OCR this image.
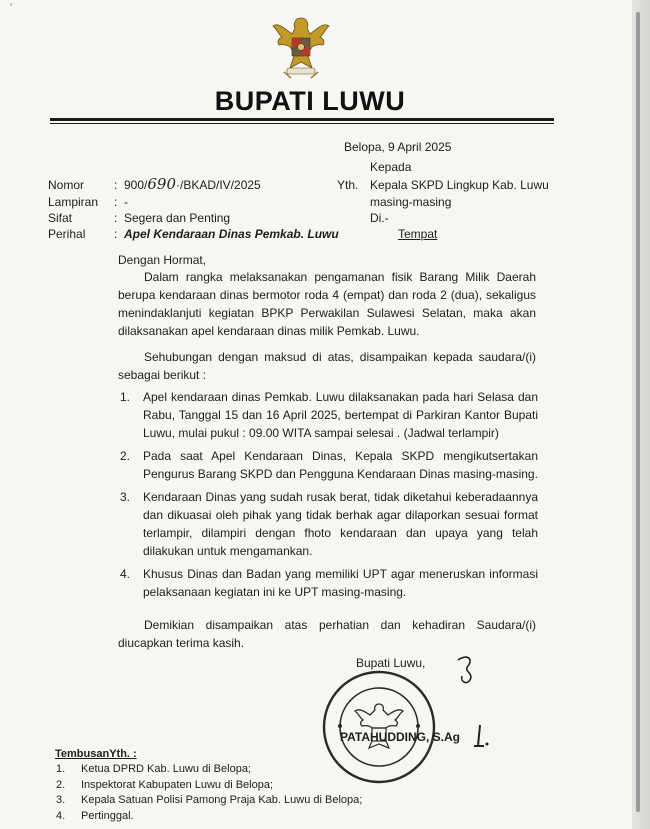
'
BUPATI LUWU
Belopa, 9 April 2025
Kepada
Nomor : 900/690·/BKAD/IV/2025
Lampiran : -
Sifat	: Segera dan Penting
Perihal : Apel Kendaraan Dinas Pemkab. Luwu
Yth. Kepala SKPD Lingkup Kab. Luwu
masing-masing
Di.-
Tempat
Dengan Hormat,
Dalam rangka melaksanakan pengamanan fisik Barang Milik Daerah berupa kendaraan dinas bermotor roda 4 (empat) dan roda 2 (dua), sekaligus menindaklanjuti kegiatan BPKP Perwakilan Sulawesi Selatan, maka akan dilaksanakan apel kendaraan dinas milik Pemkab. Luwu.
Sehubungan dengan maksud di atas, disampaikan kepada saudara/(i) sebagai berikut :
1. Apel kendaraan dinas Pemkab. Luwu dilaksanakan pada hari Selasa dan Rabu, Tanggal 15 dan 16 April 2025, bertempat di Parkiran Kantor Bupati Luwu, mulai pukul : 09.00 WITA sampai selesai . (Jadwal terlampir)
2. Pada saat Apel Kendaraan Dinas, Kepala SKPD mengikutsertakan Pengurus Barang SKPD dan Pengguna Kendaraan Dinas masing-masing.
3. Kendaraan Dinas yang sudah rusak berat, tidak diketahui keberadaannya dan dikuasai oleh pihak yang tidak berhak agar dilaporkan sesuai format terlampir, dilampiri dengan fhoto kendaraan dan upaya yang telah dilakukan untuk mengamankan.
4. Khusus Dinas dan Badan yang memiliki UPT agar meneruskan informasi pelaksanaan kegiatan ini ke UPT masing-masing.
Demikian disampaikan atas perhatian dan kehadiran Saudara/(i) diucapkan terima kasih.
Bupati Luwu,
PATAHUDDING, S.Ag
TembusanYth. :
1. Ketua DPRD Kab. Luwu di Belopa;
2. Inspektorat Kabupaten Luwu di Belopa;
3. Kepala Satuan Polisi Pamong Praja Kab. Luwu di Belopa;
4. Pertinggal.
